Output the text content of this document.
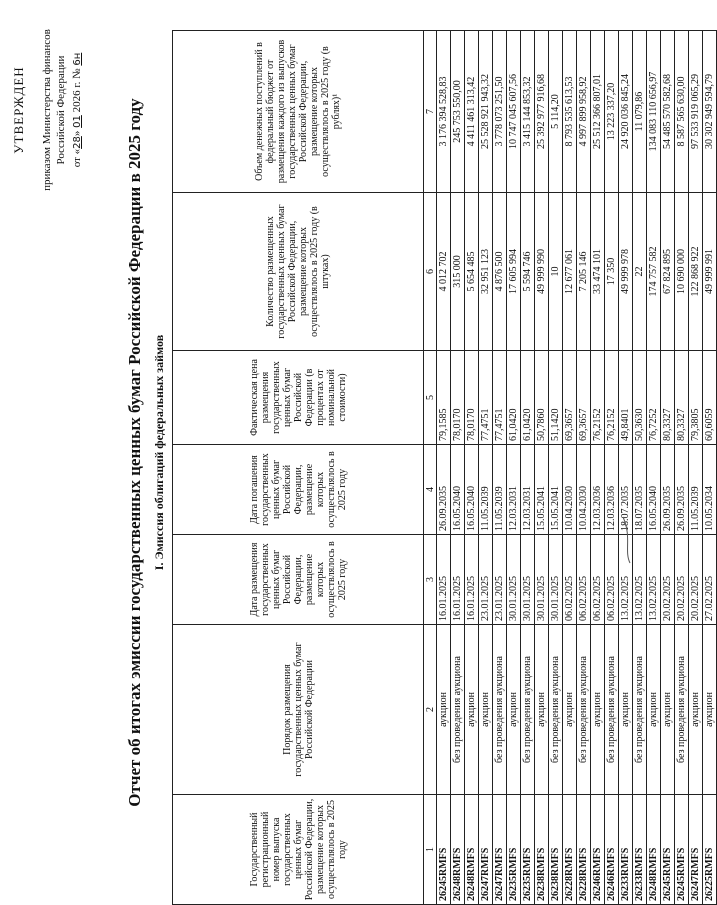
УТВЕРЖДЕН приказом Министерства финансов Российской Федерации от «28» 01 2026 г. № 6н
Отчет об итогах эмиссии государственных ценных бумаг Российской Федерации в 2025 году I. Эмиссия облигаций федеральных займов
Государственный регистрационный номер выпуска государственных ценных бумаг Российской Федерации, размещение которых осуществлялось в 2025 году	Порядок размещения государственных ценных бумаг Российской Федерации	Дата размещения государственных ценных бумаг Российской Федерации, размещение которых осуществлялось в 2025 году	Дата погашения государственных ценных бумаг Российской Федерации, размещение которых осуществлялось в 2025 году	Фактическая цена размещения государственных ценных бумаг Российской Федерации (в процентах от номинальной стоимости)	Количество размещенных государственных ценных бумаг Российской Федерации, размещение которых осуществлялось в 2025 году (в штуках)	Объем денежных поступлений в федеральный бюджет от размещения каждого из выпусков государственных ценных бумаг Российской Федерации, размещение которых осуществлялось в 2025 году (в рублях)¹
1	2	3	4	5	6	7
26245RMFS	аукцион	16.01.2025	26.09.2035	79,1585	4 012 702	3 176 394 528,83
26248RMFS	без проведения аукциона	16.01.2025	16.05.2040	78,0170	315 000	245 753 550,00
26248RMFS	аукцион	16.01.2025	16.05.2040	78,0170	5 654 485	4 411 461 313,42
26247RMFS	аукцион	23.01.2025	11.05.2039	77,4751	32 951 123	25 528 921 943,32
26247RMFS	без проведения аукциона	23.01.2025	11.05.2039	77,4751	4 876 500	3 778 073 251,50
26235RMFS	аукцион	30.01.2025	12.03.2031	61,0420	17 605 994	10 747 045 607,56
26235RMFS	без проведения аукциона	30.01.2025	12.03.2031	61,0420	5 594 746	3 415 144 853,32
26238RMFS	аукцион	30.01.2025	15.05.2041	50,7860	49 999 990	25 392 977 916,68
26238RMFS	без проведения аукциона	30.01.2025	15.05.2041	51,1420	10	5 114,20
26228RMFS	аукцион	06.02.2025	10.04.2030	69,3657	12 677 061	8 793 535 613,53
26228RMFS	без проведения аукциона	06.02.2025	10.04.2030	69,3657	7 205 146	4 997 899 958,92
26246RMFS	аукцион	06.02.2025	12.03.2036	76,2152	33 474 101	25 512 366 807,01
26246RMFS	без проведения аукциона	06.02.2025	12.03.2036	76,2152	17 350	13 223 337,20
26233RMFS	аукцион	13.02.2025	18.07.2035	49,8401	49 999 978	24 920 036 845,24
26233RMFS	без проведения аукциона	13.02.2025	18.07.2035	50,3630	22	11 079,86
26248RMFS	аукцион	13.02.2025	16.05.2040	76,7252	174 757 582	134 083 110 656,97
26245RMFS	аукцион	20.02.2025	26.09.2035	80,3327	67 824 895	54 485 570 582,68
26245RMFS	без проведения аукциона	20.02.2025	26.09.2035	80,3327	10 690 000	8 587 565 630,00
26247RMFS	аукцион	20.02.2025	11.05.2039	79,3805	122 868 922	97 533 919 065,29
26225RMFS	аукцион	27.02.2025	10.05.2034	60,6059	49 999 991	30 302 949 594,79
